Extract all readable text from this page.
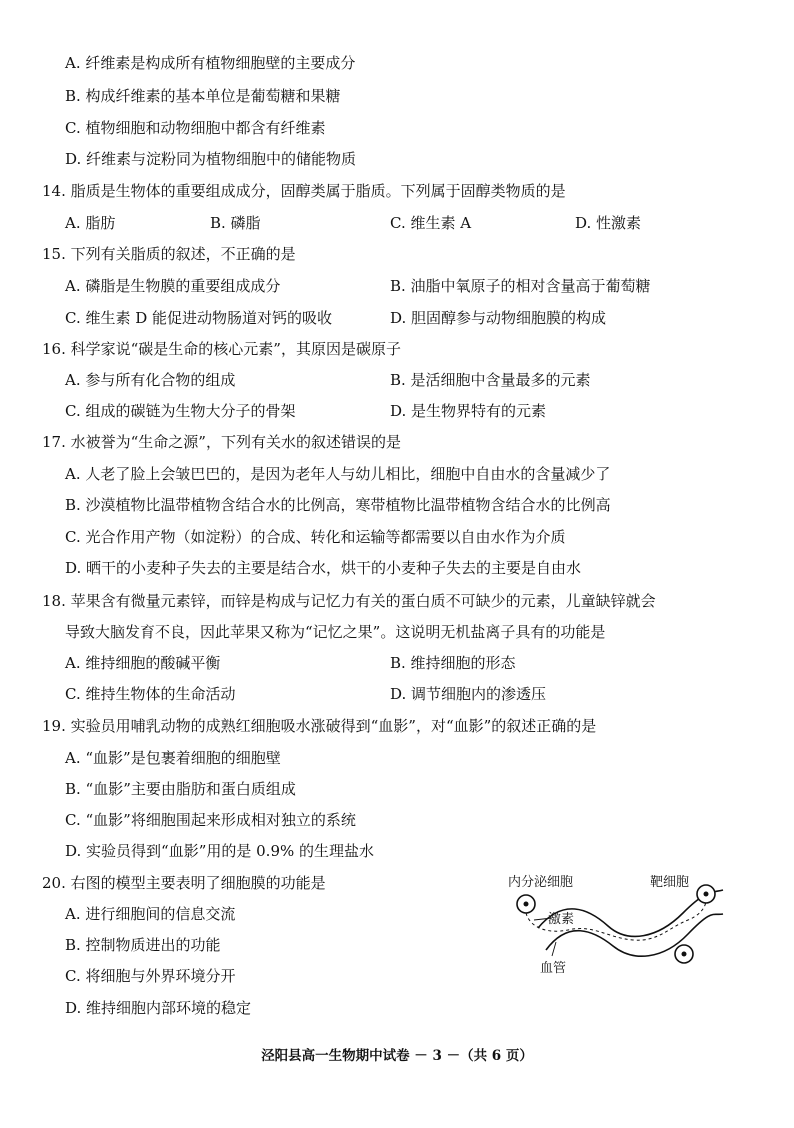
A. 纤维素是构成所有植物细胞壁的主要成分
B. 构成纤维素的基本单位是葡萄糖和果糖
C. 植物细胞和动物细胞中都含有纤维素
D. 纤维素与淀粉同为植物细胞中的储能物质
14. 脂质是生物体的重要组成成分，固醇类属于脂质。下列属于固醇类物质的是
A. 脂肪	B. 磷脂	C. 维生素 A	D. 性激素
15. 下列有关脂质的叙述，不正确的是
A. 磷脂是生物膜的重要组成成分	B. 油脂中氧原子的相对含量高于葡萄糖
C. 维生素 D 能促进动物肠道对钙的吸收	D. 胆固醇参与动物细胞膜的构成
16. 科学家说“碳是生命的核心元素”，其原因是碳原子
A. 参与所有化合物的组成	B. 是活细胞中含量最多的元素
C. 组成的碳链为生物大分子的骨架	D. 是生物界特有的元素
17. 水被誉为“生命之源”，下列有关水的叙述错误的是
A. 人老了脸上会皱巴巴的，是因为老年人与幼儿相比，细胞中自由水的含量减少了
B. 沙漠植物比温带植物含结合水的比例高，寒带植物比温带植物含结合水的比例高
C. 光合作用产物（如淀粉）的合成、转化和运输等都需要以自由水作为介质
D. 晒干的小麦种子失去的主要是结合水，烘干的小麦种子失去的主要是自由水
18. 苹果含有微量元素锌，而锌是构成与记忆力有关的蛋白质不可缺少的元素，儿童缺锌就会
导致大脑发育不良，因此苹果又称为“记忆之果”。这说明无机盐离子具有的功能是
A. 维持细胞的酸碱平衡	B. 维持细胞的形态
C. 维持生物体的生命活动	D. 调节细胞内的渗透压
19. 实验员用哺乳动物的成熟红细胞吸水涨破得到“血影”，对“血影”的叙述正确的是
A. “血影”是包裹着细胞的细胞壁
B. “血影”主要由脂肪和蛋白质组成
C. “血影”将细胞围起来形成相对独立的系统
D. 实验员得到“血影”用的是 0.9% 的生理盐水
20. 右图的模型主要表明了细胞膜的功能是
A. 进行细胞间的信息交流
B. 控制物质进出的功能
C. 将细胞与外界环境分开
D. 维持细胞内部环境的稳定
内分泌细胞	靶细胞
激素
血管
泾阳县高一生物期中试卷 － 3 －（共 6 页）
